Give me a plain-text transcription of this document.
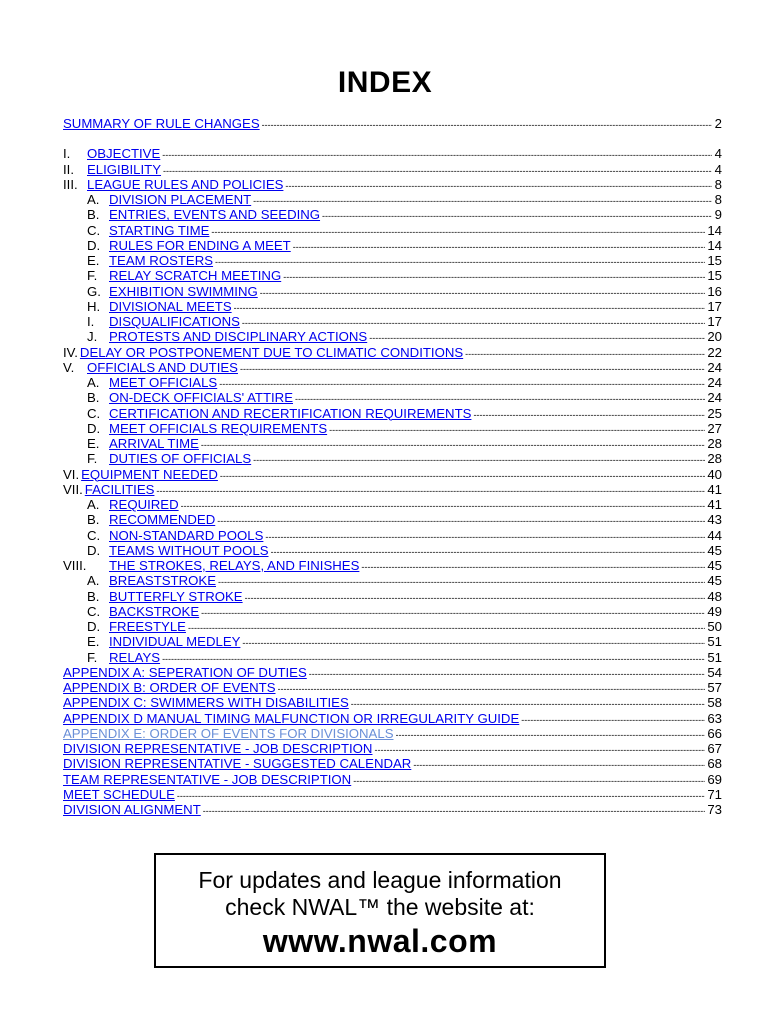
INDEX
SUMMARY OF RULE CHANGES -----	2
I.	OBJECTIVE -----	4
II. ELIGIBILITY -----	4
III. LEAGUE RULES AND POLICIES -----	8
A. DIVISION PLACEMENT -----	8
B. ENTRIES, EVENTS AND SEEDING -----	9
C. STARTING TIME -----	14
D. RULES FOR ENDING A MEET -----	14
E. TEAM ROSTERS -----	15
F. RELAY SCRATCH MEETING -----	15
G. EXHIBITION SWIMMING -----	16
H. DIVISIONAL MEETS -----	17
I.	DISQUALIFICATIONS -----	17
J. PROTESTS AND DISCIPLINARY ACTIONS -----	20
IV. DELAY OR POSTPONEMENT DUE TO CLIMATIC CONDITIONS -----	22
V. OFFICIALS AND DUTIES -----	24
A. MEET OFFICIALS -----	24
B. ON-DECK OFFICIALS' ATTIRE -----	24
C. CERTIFICATION AND RECERTIFICATION REQUIREMENTS -----	25
D. MEET OFFICIALS REQUIREMENTS -----	27
E. ARRIVAL TIME -----	28
F. DUTIES OF OFFICIALS -----	28
VI. EQUIPMENT NEEDED -----	40
VII. FACILITIES -----	41
A. REQUIRED -----	41
B. RECOMMENDED -----	43
C. NON-STANDARD POOLS -----	44
D. TEAMS WITHOUT POOLS -----	45
VIII.	THE STROKES, RELAYS, AND FINISHES -----	45
A. BREASTSTROKE -----	45
B. BUTTERFLY STROKE -----	48
C. BACKSTROKE -----	49
D. FREESTYLE -----	50
E. INDIVIDUAL MEDLEY -----	51
F. RELAYS -----	51
APPENDIX A: SEPERATION OF DUTIES -----	54
APPENDIX B: ORDER OF EVENTS -----	57
APPENDIX C: SWIMMERS WITH DISABILITIES -----	58
APPENDIX D MANUAL TIMING MALFUNCTION OR IRREGULARITY GUIDE -----	63
APPENDIX E: ORDER OF EVENTS FOR DIVISIONALS -----	66
DIVISION REPRESENTATIVE - JOB DESCRIPTION -----	67
DIVISION REPRESENTATIVE - SUGGESTED CALENDAR -----	68
TEAM REPRESENTATIVE - JOB DESCRIPTION -----	69
MEET SCHEDULE -----	71
DIVISION ALIGNMENT -----	73
For updates and league information
check NWAL™ the website at:
www.nwal.com
